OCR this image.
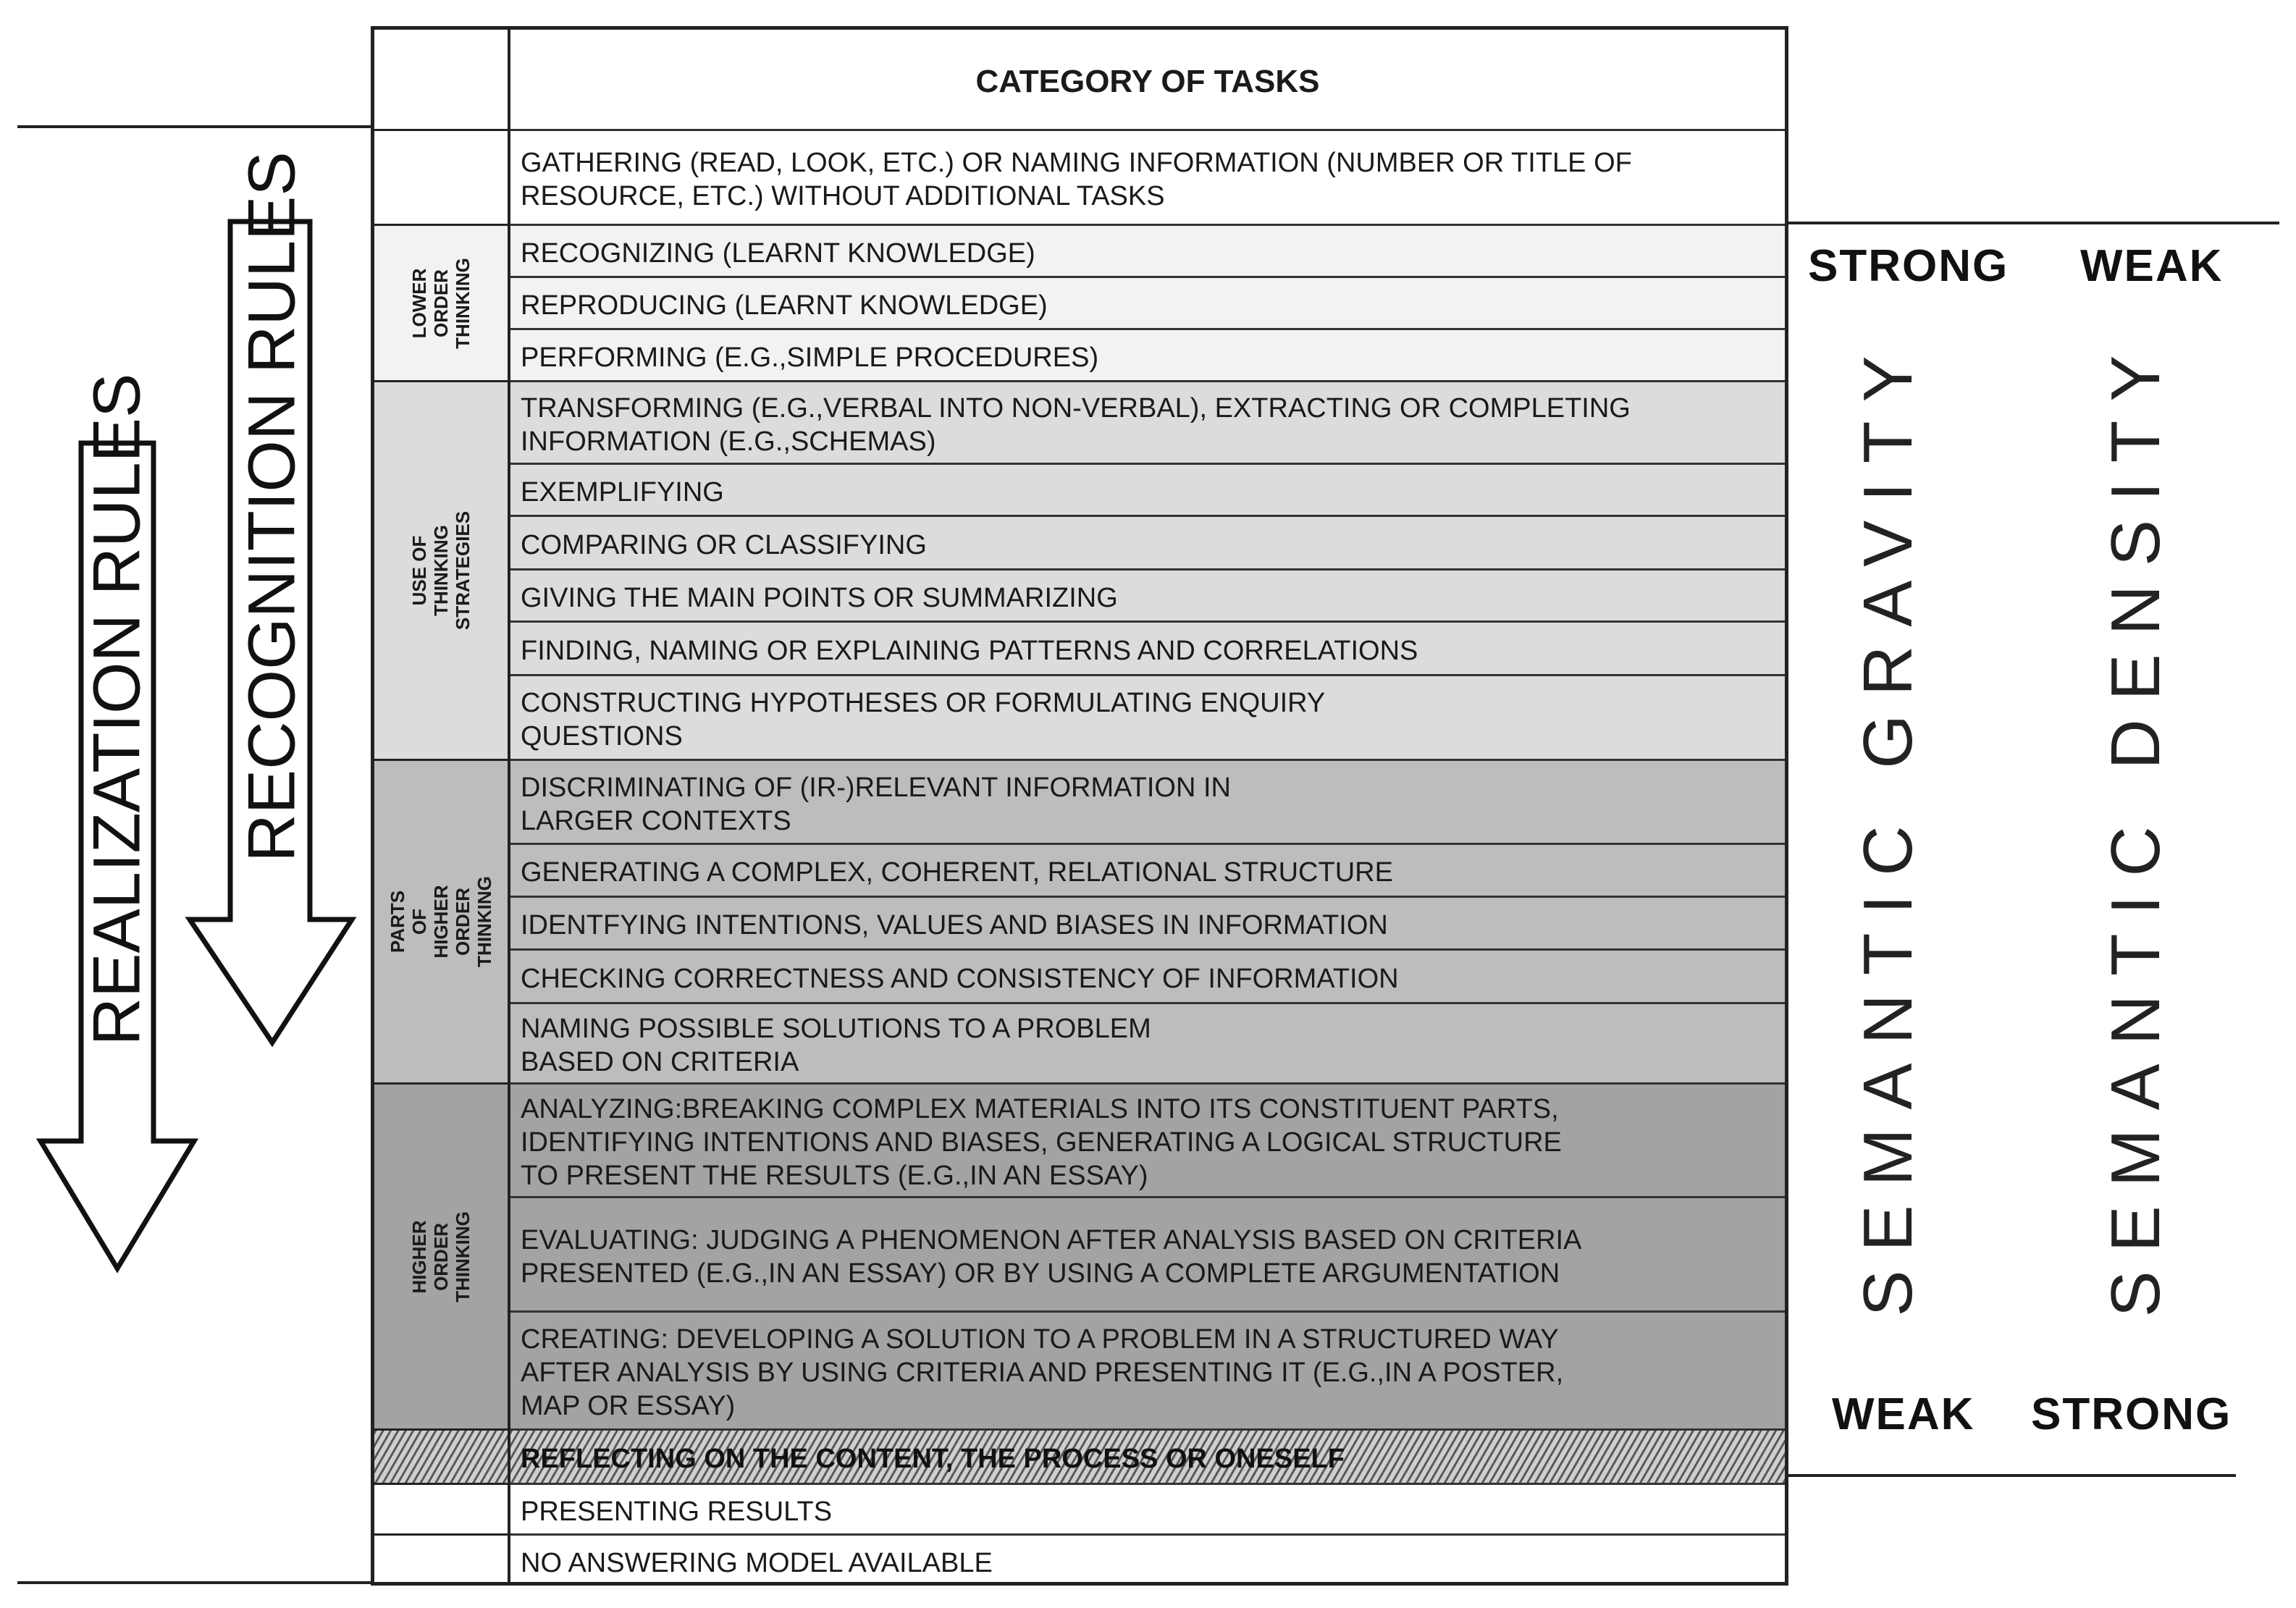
REALIZATION RULES RECOGNITION RULES	LOWER
ORDER
THINKING
USE OF THINKING
STRATEGIES
PARTS OF HIGHER
ORDER THINKING
HIGHER ORDER
THINKING
CATEGORY OF TASKS
GATHERING (READ, LOOK, ETC.) OR NAMING INFORMATION (NUMBER OR TITLE OF
RESOURCE, ETC.) WITHOUT ADDITIONAL TASKS
RECOGNIZING (LEARNT KNOWLEDGE)
REPRODUCING (LEARNT KNOWLEDGE)
PERFORMING (E.G.,SIMPLE PROCEDURES)
TRANSFORMING (E.G.,VERBAL INTO NON-VERBAL), EXTRACTING OR COMPLETING
INFORMATION (E.G.,SCHEMAS)
EXEMPLIFYING
COMPARING OR CLASSIFYING
GIVING THE MAIN POINTS OR SUMMARIZING
FINDING, NAMING OR EXPLAINING PATTERNS AND CORRELATIONS
CONSTRUCTING HYPOTHESES OR FORMULATING ENQUIRY
QUESTIONS
DISCRIMINATING OF (IR-)RELEVANT INFORMATION IN
LARGER CONTEXTS
GENERATING A COMPLEX, COHERENT, RELATIONAL STRUCTURE
IDENTFYING INTENTIONS, VALUES AND BIASES IN INFORMATION
CHECKING CORRECTNESS AND CONSISTENCY OF INFORMATION
NAMING POSSIBLE SOLUTIONS TO A PROBLEM
BASED ON CRITERIA
ANALYZING:BREAKING COMPLEX MATERIALS INTO ITS CONSTITUENT PARTS,
IDENTIFYING INTENTIONS AND BIASES, GENERATING A LOGICAL STRUCTURE
TO PRESENT THE RESULTS (E.G.,IN AN ESSAY)
EVALUATING: JUDGING A PHENOMENON AFTER ANALYSIS BASED ON CRITERIA
PRESENTED (E.G.,IN AN ESSAY) OR BY USING A COMPLETE ARGUMENTATION
CREATING: DEVELOPING A SOLUTION TO A PROBLEM IN A STRUCTURED WAY
AFTER ANALYSIS BY USING CRITERIA AND PRESENTING IT (E.G.,IN A POSTER,
MAP OR ESSAY)
REFLECTING ON THE CONTENT, THE PROCESS OR ONESELF
PRESENTING RESULTS
NO ANSWERING MODEL AVAILABLE
STRONG WEAK
WEAK STRONG
SEMANTIC GRAVITY SEMANTIC DENSITY
